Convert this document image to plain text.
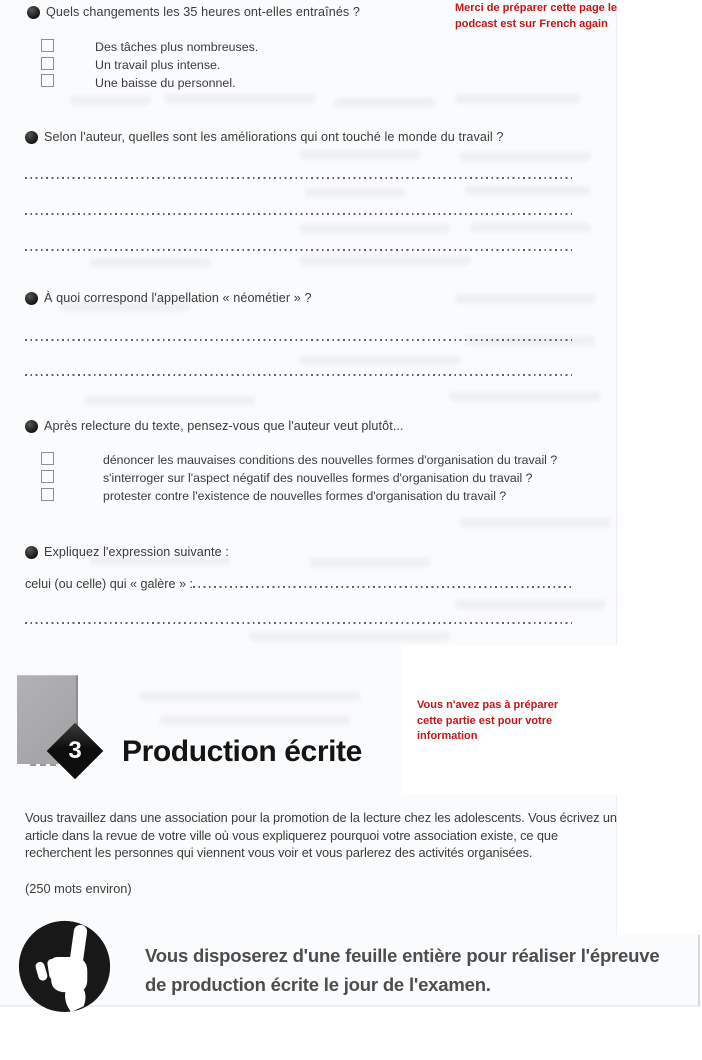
Quels changements les 35 heures ont-elles entraînés ?	Merci de préparer cette page le
podcast est sur French again
Des tâches plus nombreuses.
Un travail plus intense.
Une baisse du personnel.
Selon l'auteur, quelles sont les améliorations qui ont touché le monde du travail ?
À quoi correspond l'appellation « néométier » ?
Après relecture du texte, pensez-vous que l'auteur veut plutôt...
dénoncer les mauvaises conditions des nouvelles formes d'organisation du travail ?
s'interroger sur l'aspect négatif des nouvelles formes d'organisation du travail ?
protester contre l'existence de nouvelles formes d'organisation du travail ?
Expliquez l'expression suivante :
celui (ou celle) qui « galère » :
3	Production écrite
Vous n'avez pas à préparer
cette partie est pour votre
information
Vous travaillez dans une association pour la promotion de la lecture chez les adolescents. Vous écrivez un article dans la revue de votre ville où vous expliquerez pourquoi votre association existe, ce que recherchent les personnes qui viennent vous voir et vous parlerez des activités organisées.
(250 mots environ)
Vous disposerez d'une feuille entière pour réaliser l'épreuve
de production écrite le jour de l'examen.
